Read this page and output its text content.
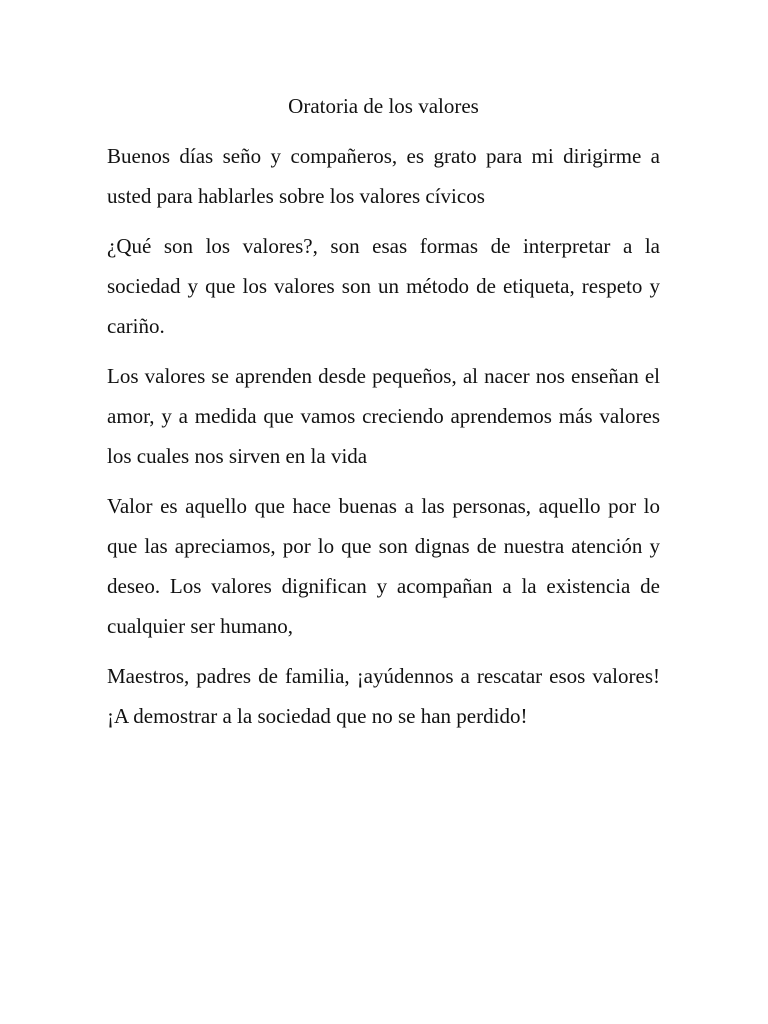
Oratoria de los valores

Buenos días seño y compañeros, es grato para mi dirigirme a usted para hablarles sobre los valores cívicos

¿Qué son los valores?, son esas formas de interpretar a la sociedad y que los valores son un método de etiqueta, respeto y cariño.

Los valores se aprenden desde pequeños, al nacer nos enseñan el amor, y a medida que vamos creciendo aprendemos más valores los cuales nos sirven en la vida

Valor es aquello que hace buenas a las personas, aquello por lo que las apreciamos, por lo que son dignas de nuestra atención y deseo. Los valores dignifican y acompañan a la existencia de cualquier ser humano,

Maestros, padres de familia, ¡ayúdennos a rescatar esos valores! ¡A demostrar a la sociedad que no se han perdido!
